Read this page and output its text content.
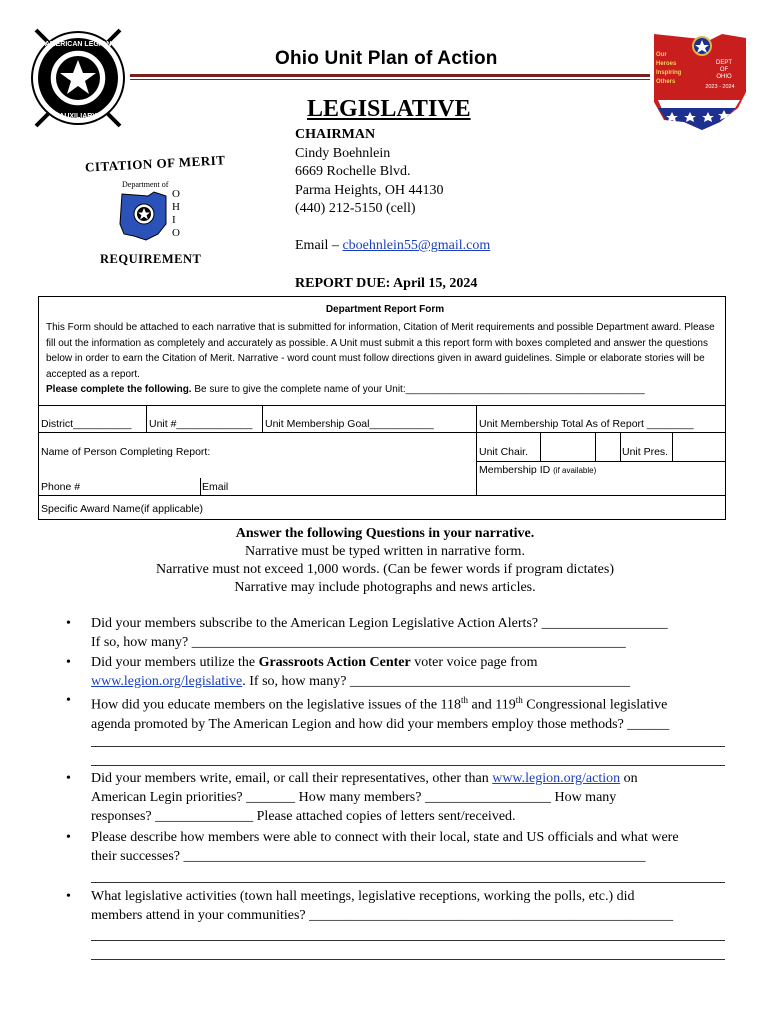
AMERICAN LEGION
AUXILIARY
Our
Heroes
Inspiring
Others
DEPT
OF
OHIO
2023 - 2024
Ohio Unit Plan of Action
CITATION OF MERIT
Department of
O H I O
REQUIREMENT
LEGISLATIVE
CHAIRMAN
Cindy Boehnlein
6669 Rochelle Blvd.
Parma Heights, OH 44130
(440) 212-5150 (cell)
Email – cboehnlein55@gmail.com
REPORT DUE: April 15, 2024
Department Report Form
This Form should be attached to each narrative that is submitted for information, Citation of Merit requirements and possible Department award. Please fill out the information as completely and accurately as possible. A Unit must submit a this report form with boxes completed and answer the questions below in order to earn the Citation of Merit. Narrative - word count must follow directions given in award guidelines. Simple or elaborate stories will be accepted as a report.
Please complete the following. Be sure to give the complete name of your Unit:___________________________________________
District__________ Unit #_____________ Unit Membership Goal___________	Unit Membership Total As of Report ________
Name of Person Completing Report:	Unit Chair.	Unit Pres.
Membership ID (if available)
Phone #	Email
Specific Award Name(if applicable)
Answer the following Questions in your narrative.
Narrative must be typed written in narrative form.
Narrative must not exceed 1,000 words. (Can be fewer words if program dictates)
Narrative may include photographs and news articles.
• Did your members subscribe to the American Legion Legislative Action Alerts? __________________
If so, how many? ______________________________________________________________
• Did your members utilize the Grassroots Action Center voter voice page from
www.legion.org/legislative. If so, how many? ________________________________________
• How did you educate members on the legislative issues of the 118th and 119th Congressional legislative
agenda promoted by The American Legion and how did your members employ those methods? ______
• Did your members write, email, or call their representatives, other than www.legion.org/action on
American Legin priorities? _______ How many members? __________________ How many
responses? ______________ Please attached copies of letters sent/received.
• Please describe how members were able to connect with their local, state and US officials and what were
their successes? __________________________________________________________________
• What legislative activities (town hall meetings, legislative receptions, working the polls, etc.) did
members attend in your communities? ____________________________________________________
